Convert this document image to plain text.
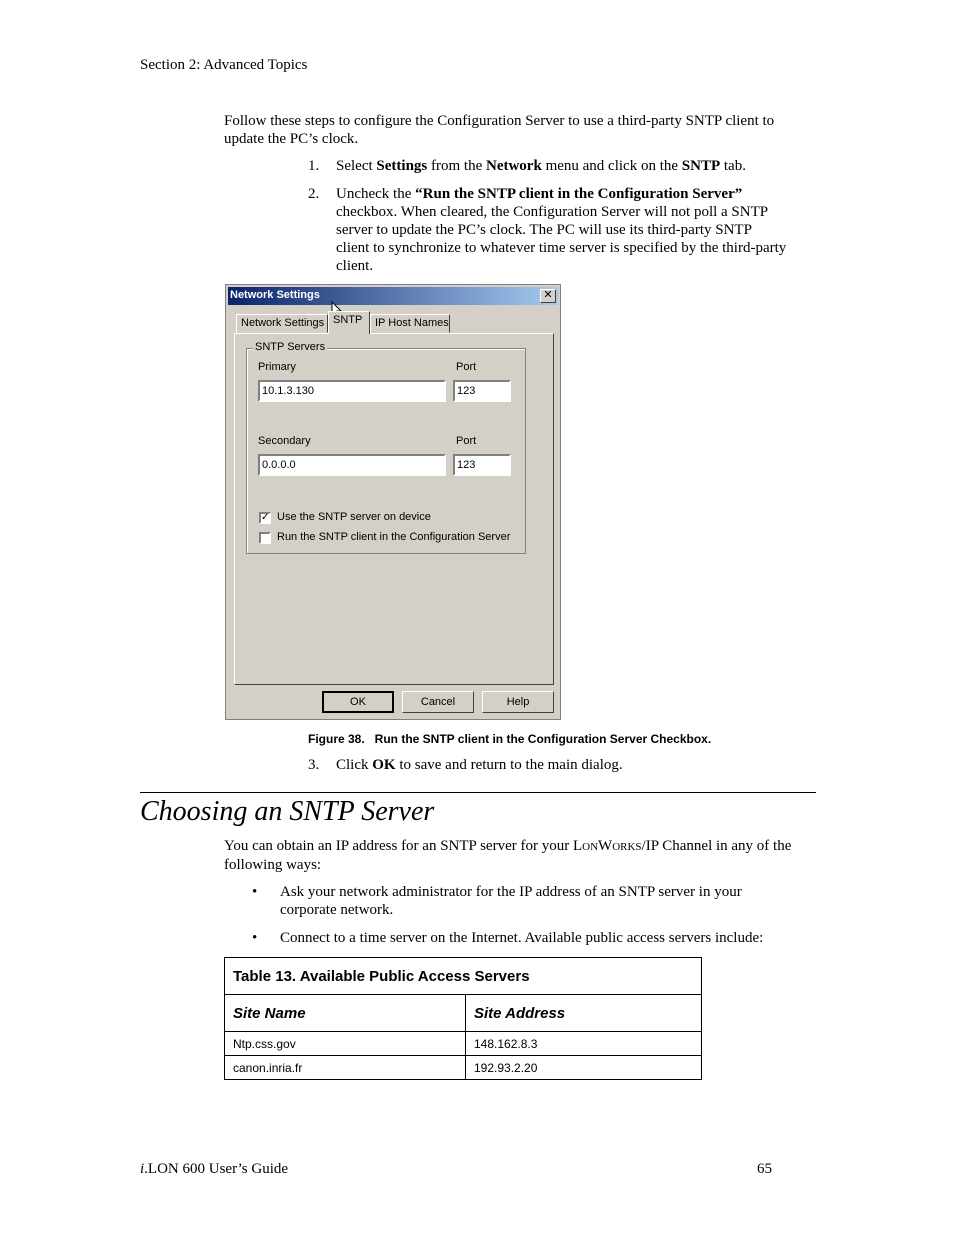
Section 2: Advanced Topics
Follow these steps to configure the Configuration Server to use a third-party SNTP client to update the PC’s clock.
1. Select Settings from the Network menu and click on the SNTP tab.
2. Uncheck the “Run the SNTP client in the Configuration Server” checkbox. When cleared, the Configuration Server will not poll a SNTP server to update the PC’s clock. The PC will use its third-party SNTP client to synchronize to whatever time server is specified by the third-party client.
Network Settings	✕
Network Settings SNTP	IP Host Names
SNTP Servers
Primary	Port
10.1.3.130	123
Secondary	Port
0.0.0.0	123
✓ Use the SNTP server on device
Run the SNTP client in the Configuration Server
OK	Cancel	Help
Figure 38.   Run the SNTP client in the Configuration Server Checkbox.
3. Click OK to save and return to the main dialog.
Choosing an SNTP Server
You can obtain an IP address for an SNTP server for your LONWORKS/IP Channel in any of the following ways:
• Ask your network administrator for the IP address of an SNTP server in your corporate network.
• Connect to a time server on the Internet. Available public access servers include:
Table 13. Available Public Access Servers	
Site Name	Site Address
Ntp.css.gov	148.162.8.3
canon.inria.fr	192.93.2.20
i.LON 600 User’s Guide	65
